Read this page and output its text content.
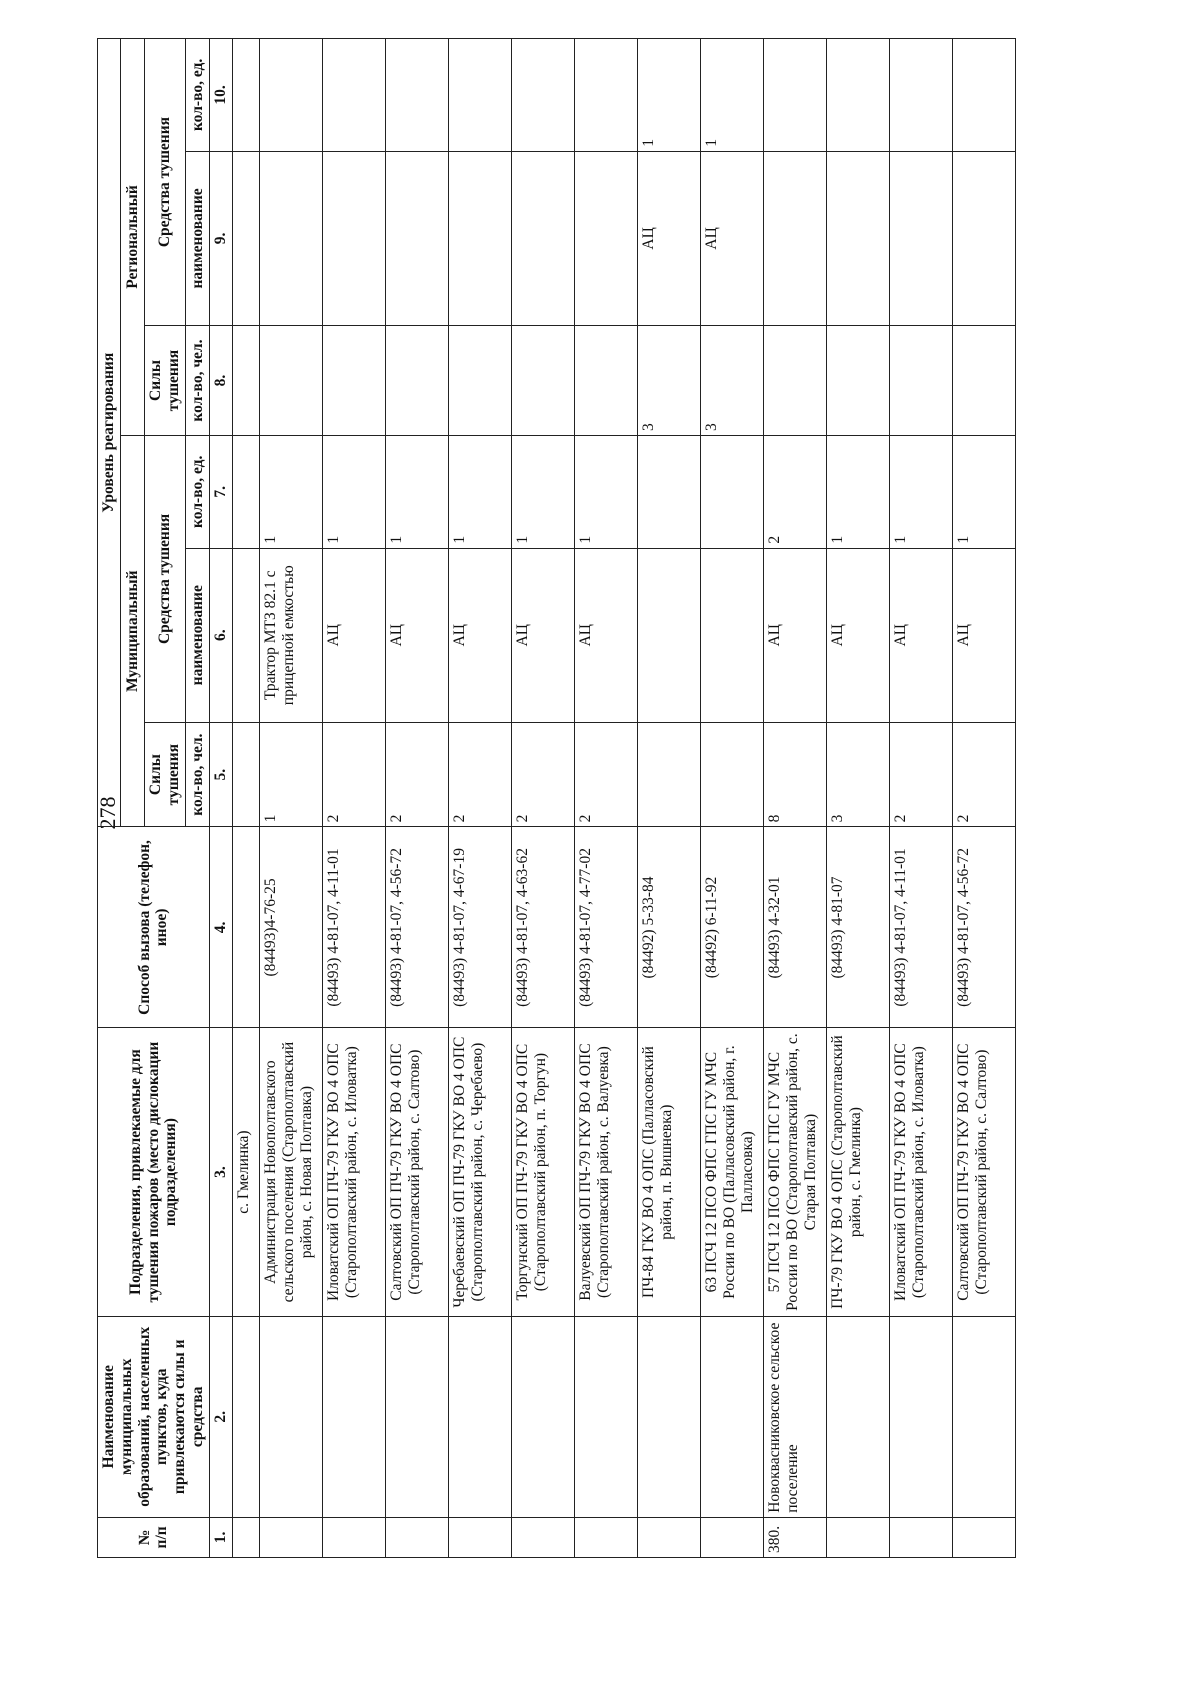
278
№ п/п	Наименование муниципальных образований, населенных пунктов, куда привлекаются силы и средства	Подразделения, привлекаемые для тушения пожаров (место дислокации подразделения)	Способ вызова (телефон, иное)	Уровень реагирования					
				Муниципальный			Региональный		
				Силы тушения	Средства тушения		Силы тушения	Средства тушения	
				кол-во, чел.	наименование	кол-во, ед.	кол-во, чел.	наименование	кол-во, ед.
1.	2.	3.	4.	5.	6.	7.	8.	9.	10.
		с. Гмелинка)							
		Администрация Новополтавского сельского поселения (Старополтавский район, с. Новая Полтавка)	(84493)4-76-25	1	Трактор МТЗ 82.1 с прицепной емкостью	1			
		Иловатский ОП ПЧ-79 ГКУ ВО 4 ОПС (Старополтавский район, с. Иловатка)	(84493) 4-81-07, 4-11-01	2	АЦ	1			
		Салтовский ОП ПЧ-79 ГКУ ВО 4 ОПС (Старополтавский район, с. Салтово)	(84493) 4-81-07, 4-56-72	2	АЦ	1			
		Черебаевский ОП ПЧ-79 ГКУ ВО 4 ОПС (Старополтавский район, с. Черебаево)	(84493) 4-81-07, 4-67-19	2	АЦ	1			
		Торгунский ОП ПЧ-79 ГКУ ВО 4 ОПС (Старополтавский район, п. Торгун)	(84493) 4-81-07, 4-63-62	2	АЦ	1			
		Валуевский ОП ПЧ-79 ГКУ ВО 4 ОПС (Старополтавский район, с. Валуевка)	(84493) 4-81-07, 4-77-02	2	АЦ	1			
		ПЧ-84 ГКУ ВО 4 ОПС (Палласовский район, п. Вишневка)	(84492) 5-33-84				3	АЦ	1
		63 ПСЧ 12 ПСО ФПС ГПС ГУ МЧС России по ВО (Палласовский район, г. Палласовка)	(84492) 6-11-92				3	АЦ	1
380.	Новоквасниковское сельское поселение	57 ПСЧ 12 ПСО ФПС ГПС ГУ МЧС России по ВО (Старополтавский район, с. Старая Полтавка)	(84493) 4-32-01	8	АЦ	2			
		ПЧ-79 ГКУ ВО 4 ОПС (Старополтавский район, с. Гмелинка)	(84493) 4-81-07	3	АЦ	1			
		Иловатский ОП ПЧ-79 ГКУ ВО 4 ОПС (Старополтавский район, с. Иловатка)	(84493) 4-81-07, 4-11-01	2	АЦ	1			
		Салтовский ОП ПЧ-79 ГКУ ВО 4 ОПС (Старополтавский район, с. Салтово)	(84493) 4-81-07, 4-56-72	2	АЦ	1			
